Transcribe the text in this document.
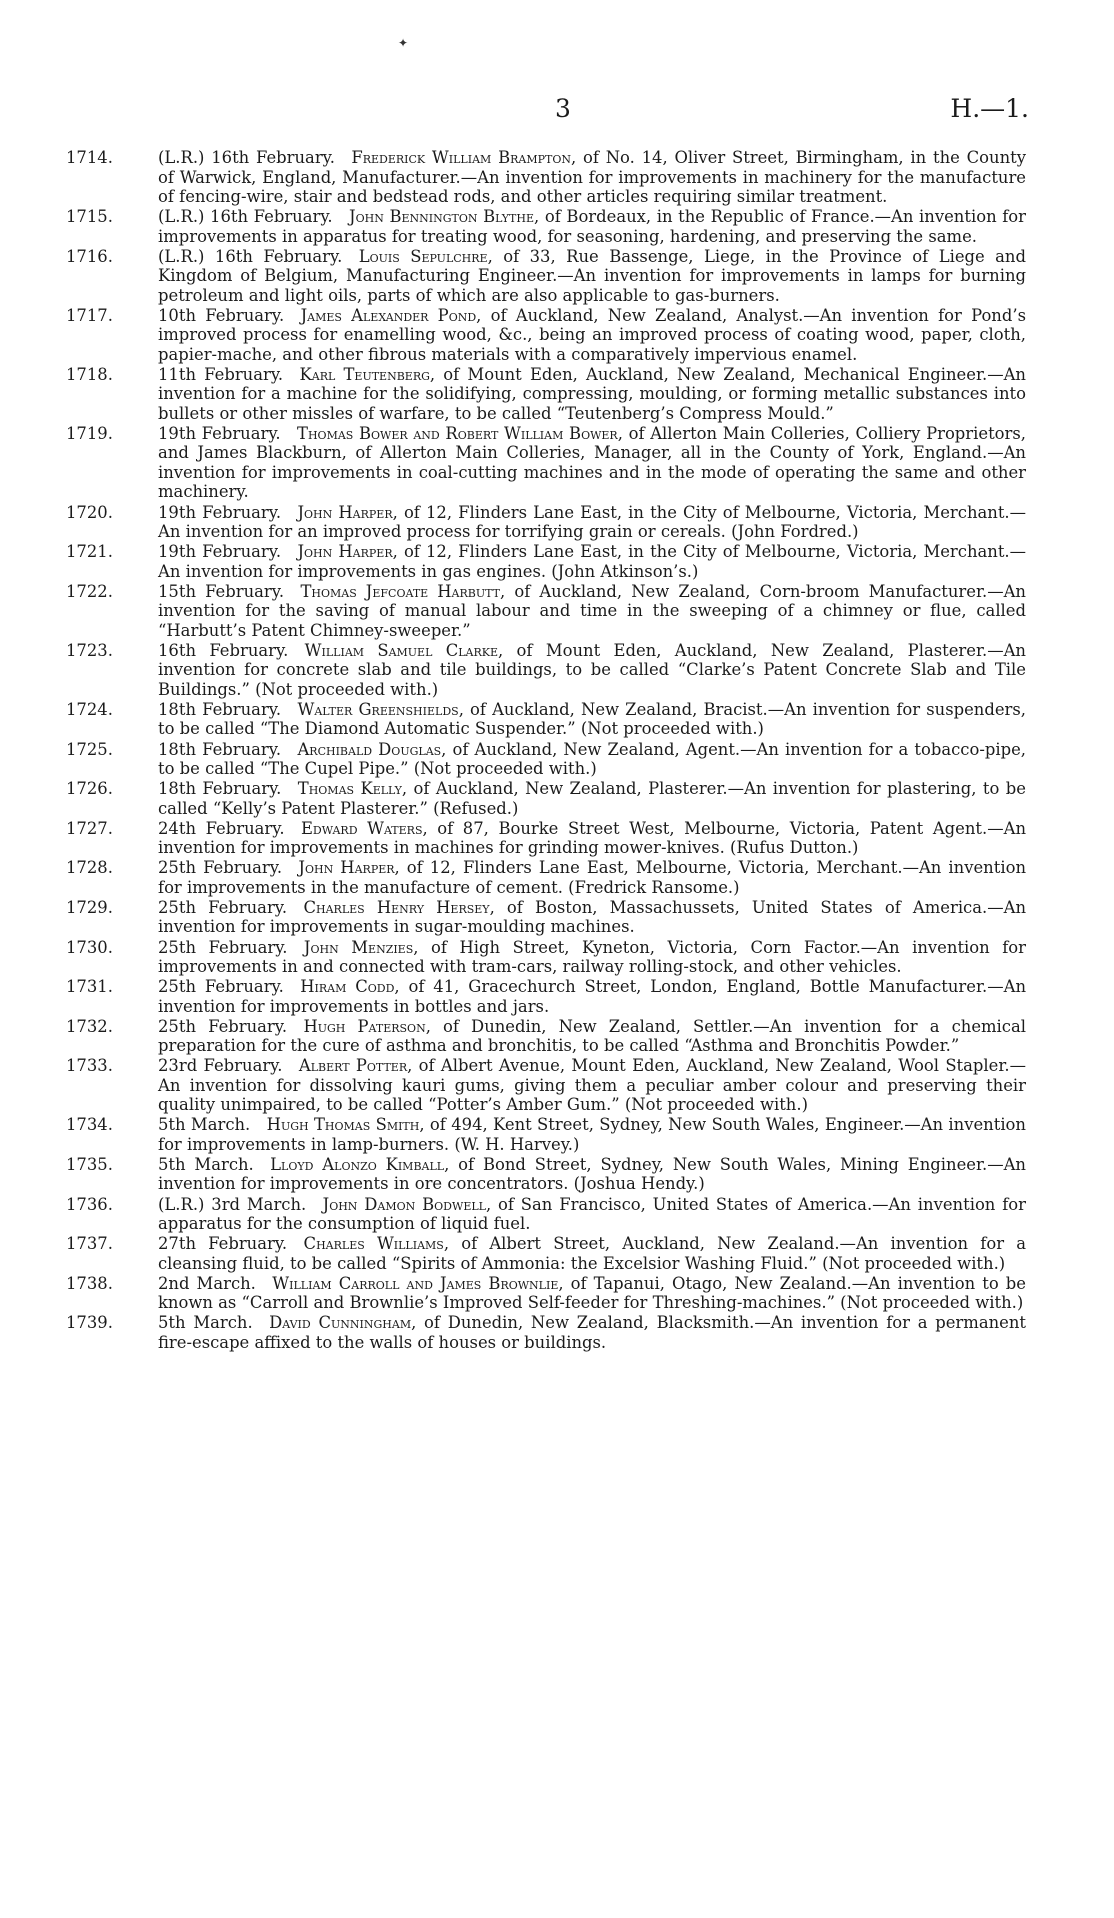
✦
3	H.—1.

1714.	(L.R.) 16th February.  Frederick William Brampton, of No. 14, Oliver Street, Birmingham, in the County of Warwick, England, Manufacturer.—An invention for improvements in machinery for the manufacture of fencing-wire, stair and bedstead rods, and other articles requiring similar treatment.

1715.	(L.R.) 16th February.  John Bennington Blythe, of Bordeaux, in the Republic of France.—An invention for improvements in apparatus for treating wood, for seasoning, hardening, and preserving the same.

1716.	(L.R.) 16th February.  Louis Sepulchre, of 33, Rue Bassenge, Liege, in the Province of Liege and Kingdom of Belgium, Manufacturing Engineer.—An invention for improvements in lamps for burning petroleum and light oils, parts of which are also applicable to gas-burners.

1717.	10th February.  James Alexander Pond, of Auckland, New Zealand, Analyst.—An invention for Pond’s improved process for enamelling wood, &c., being an improved process of coating wood, paper, cloth, papier-mache, and other fibrous materials with a comparatively impervious enamel.

1718.	11th February.  Karl Teutenberg, of Mount Eden, Auckland, New Zealand, Mechanical Engineer.—An invention for a machine for the solidifying, compressing, moulding, or forming metallic substances into bullets or other missles of warfare, to be called “Teutenberg’s Compress Mould.”

1719.	19th February.  Thomas Bower and Robert William Bower, of Allerton Main Colleries, Colliery Proprietors, and James Blackburn, of Allerton Main Colleries, Manager, all in the County of York, England.—An invention for improvements in coal-cutting machines and in the mode of operating the same and other machinery.

1720.	19th February.  John Harper, of 12, Flinders Lane East, in the City of Melbourne, Victoria, Merchant.—An invention for an improved process for torrifying grain or cereals. (John Fordred.)

1721.	19th February.  John Harper, of 12, Flinders Lane East, in the City of Melbourne, Victoria, Merchant.—An invention for improvements in gas engines. (John Atkinson’s.)

1722.	15th February.  Thomas Jefcoate Harbutt, of Auckland, New Zealand, Corn-broom Manufacturer.—An invention for the saving of manual labour and time in the sweeping of a chimney or flue, called “Harbutt’s Patent Chimney-sweeper.”

1723.	16th February.  William Samuel Clarke, of Mount Eden, Auckland, New Zealand, Plasterer.—An invention for concrete slab and tile buildings, to be called “Clarke’s Patent Concrete Slab and Tile Buildings.” (Not proceeded with.)

1724.	18th February.  Walter Greenshields, of Auckland, New Zealand, Bracist.—An invention for suspenders, to be called “The Diamond Automatic Suspender.” (Not proceeded with.)

1725.	18th February.  Archibald Douglas, of Auckland, New Zealand, Agent.—An invention for a tobacco-pipe, to be called “The Cupel Pipe.” (Not proceeded with.)

1726.	18th February.  Thomas Kelly, of Auckland, New Zealand, Plasterer.—An invention for plastering, to be called “Kelly’s Patent Plasterer.” (Refused.)

1727.	24th February.  Edward Waters, of 87, Bourke Street West, Melbourne, Victoria, Patent Agent.—An invention for improvements in machines for grinding mower-knives. (Rufus Dutton.)

1728.	25th February.  John Harper, of 12, Flinders Lane East, Melbourne, Victoria, Merchant.—An invention for improvements in the manufacture of cement. (Fredrick Ransome.)

1729.	25th February.  Charles Henry Hersey, of Boston, Massachussets, United States of America.—An invention for improvements in sugar-moulding machines.

1730.	25th February.  John Menzies, of High Street, Kyneton, Victoria, Corn Factor.—An invention for improvements in and connected with tram-cars, railway rolling-stock, and other vehicles.

1731.	25th February.  Hiram Codd, of 41, Gracechurch Street, London, England, Bottle Manufacturer.—An invention for improvements in bottles and jars.

1732.	25th February.  Hugh Paterson, of Dunedin, New Zealand, Settler.—An invention for a chemical preparation for the cure of asthma and bronchitis, to be called “Asthma and Bronchitis Powder.”

1733.	23rd February.  Albert Potter, of Albert Avenue, Mount Eden, Auckland, New Zealand, Wool Stapler.—An invention for dissolving kauri gums, giving them a peculiar amber colour and preserving their quality unimpaired, to be called “Potter’s Amber Gum.” (Not proceeded with.)

1734.	5th March.  Hugh Thomas Smith, of 494, Kent Street, Sydney, New South Wales, Engineer.—An invention for improvements in lamp-burners. (W. H. Harvey.)

1735.	5th March.  Lloyd Alonzo Kimball, of Bond Street, Sydney, New South Wales, Mining Engineer.—An invention for improvements in ore concentrators. (Joshua Hendy.)

1736.	(L.R.) 3rd March.  John Damon Bodwell, of San Francisco, United States of America.—An invention for apparatus for the consumption of liquid fuel.

1737.	27th February.  Charles Williams, of Albert Street, Auckland, New Zealand.—An invention for a cleansing fluid, to be called “Spirits of Ammonia: the Excelsior Washing Fluid.” (Not proceeded with.)

1738.	2nd March.  William Carroll and James Brownlie, of Tapanui, Otago, New Zealand.—An invention to be known as “Carroll and Brownlie’s Improved Self-feeder for Threshing-machines.” (Not proceeded with.)

1739.	5th March.  David Cunningham, of Dunedin, New Zealand, Blacksmith.—An invention for a permanent fire-escape affixed to the walls of houses or buildings.
